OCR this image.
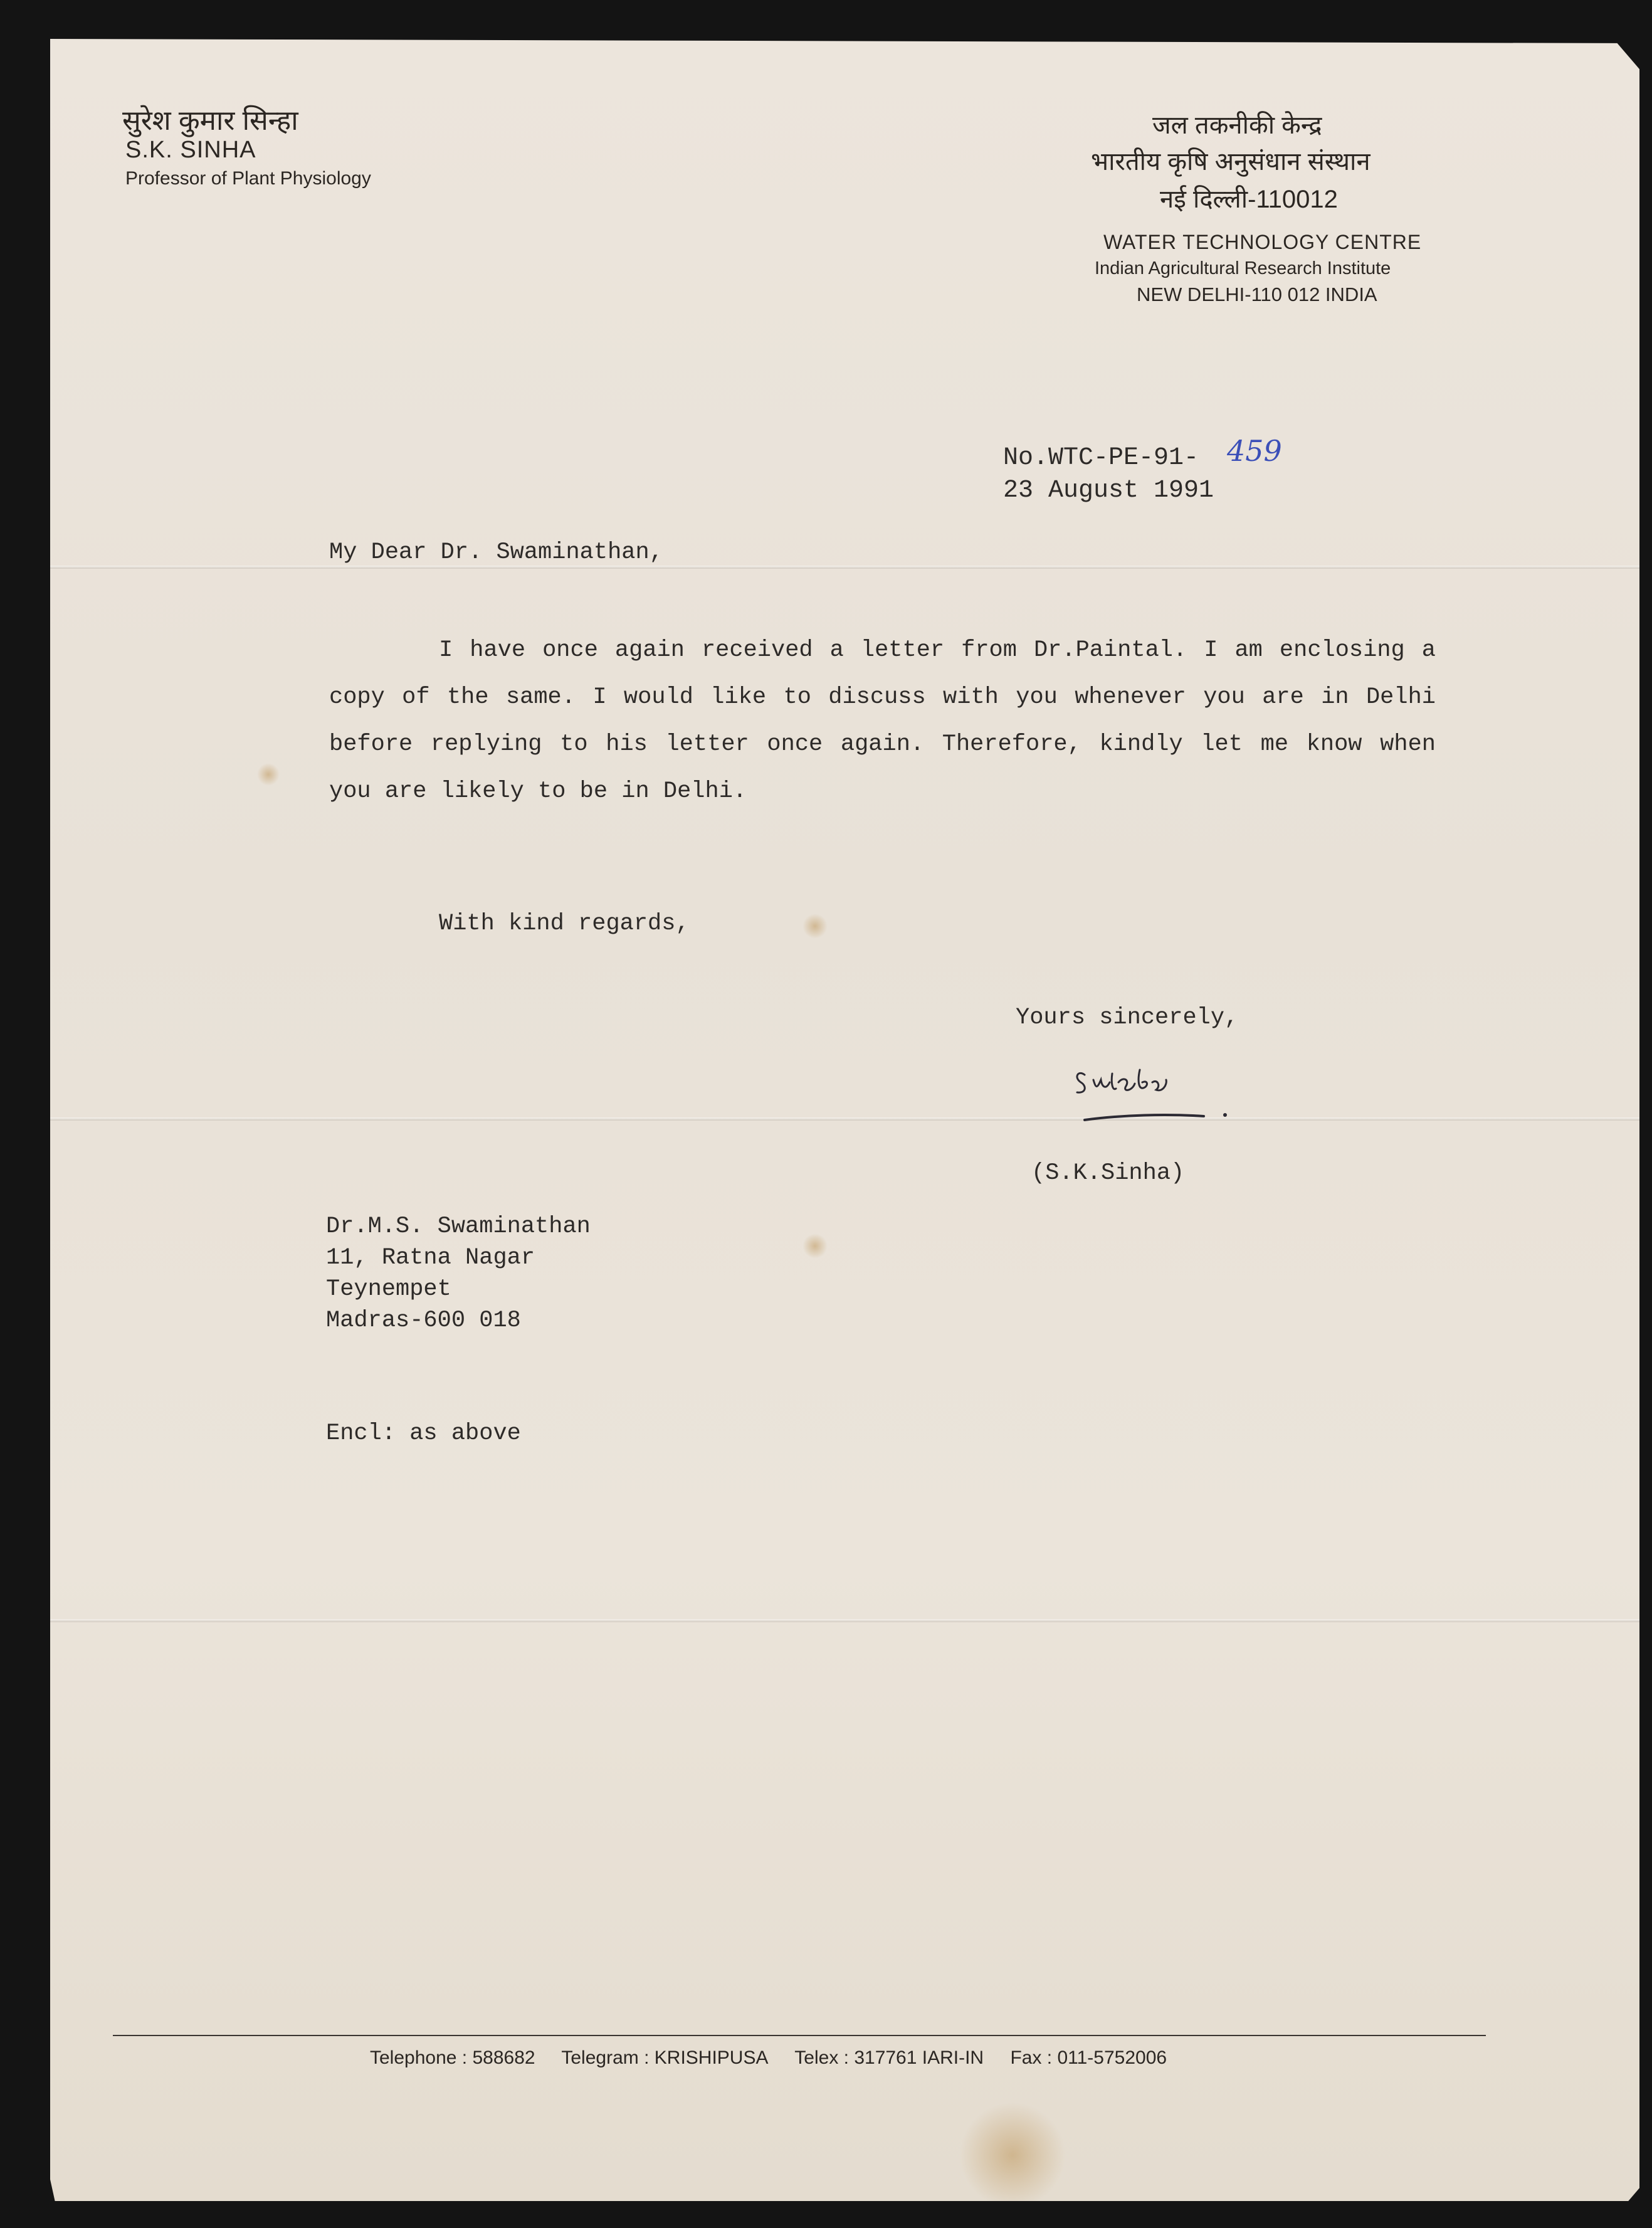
सुरेश कुमार सिन्हा
S.K. SINHA
Professor of Plant Physiology
जल तकनीकी केन्द्र
भारतीय कृषि अनुसंधान संस्थान
नई दिल्ली-110012
WATER TECHNOLOGY CENTRE
Indian Agricultural Research Institute
NEW DELHI-110 012 INDIA
No.WTC-PE-91- 459
23 August 1991
My Dear Dr. Swaminathan,
I have once again received a letter from Dr.Paintal. I am enclosing a copy of the same. I would like to discuss with you whenever you are in Delhi before replying to his letter once again. Therefore, kindly let me know when you are likely to be in Delhi.
With kind regards,
Yours sincerely,
(S.K.Sinha)
Dr.M.S. Swaminathan
11, Ratna Nagar
Teynempet
Madras-600 018
Encl: as above
Telephone : 588682 Telegram : KRISHIPUSA Telex : 317761 IARI-IN Fax : 011-5752006
